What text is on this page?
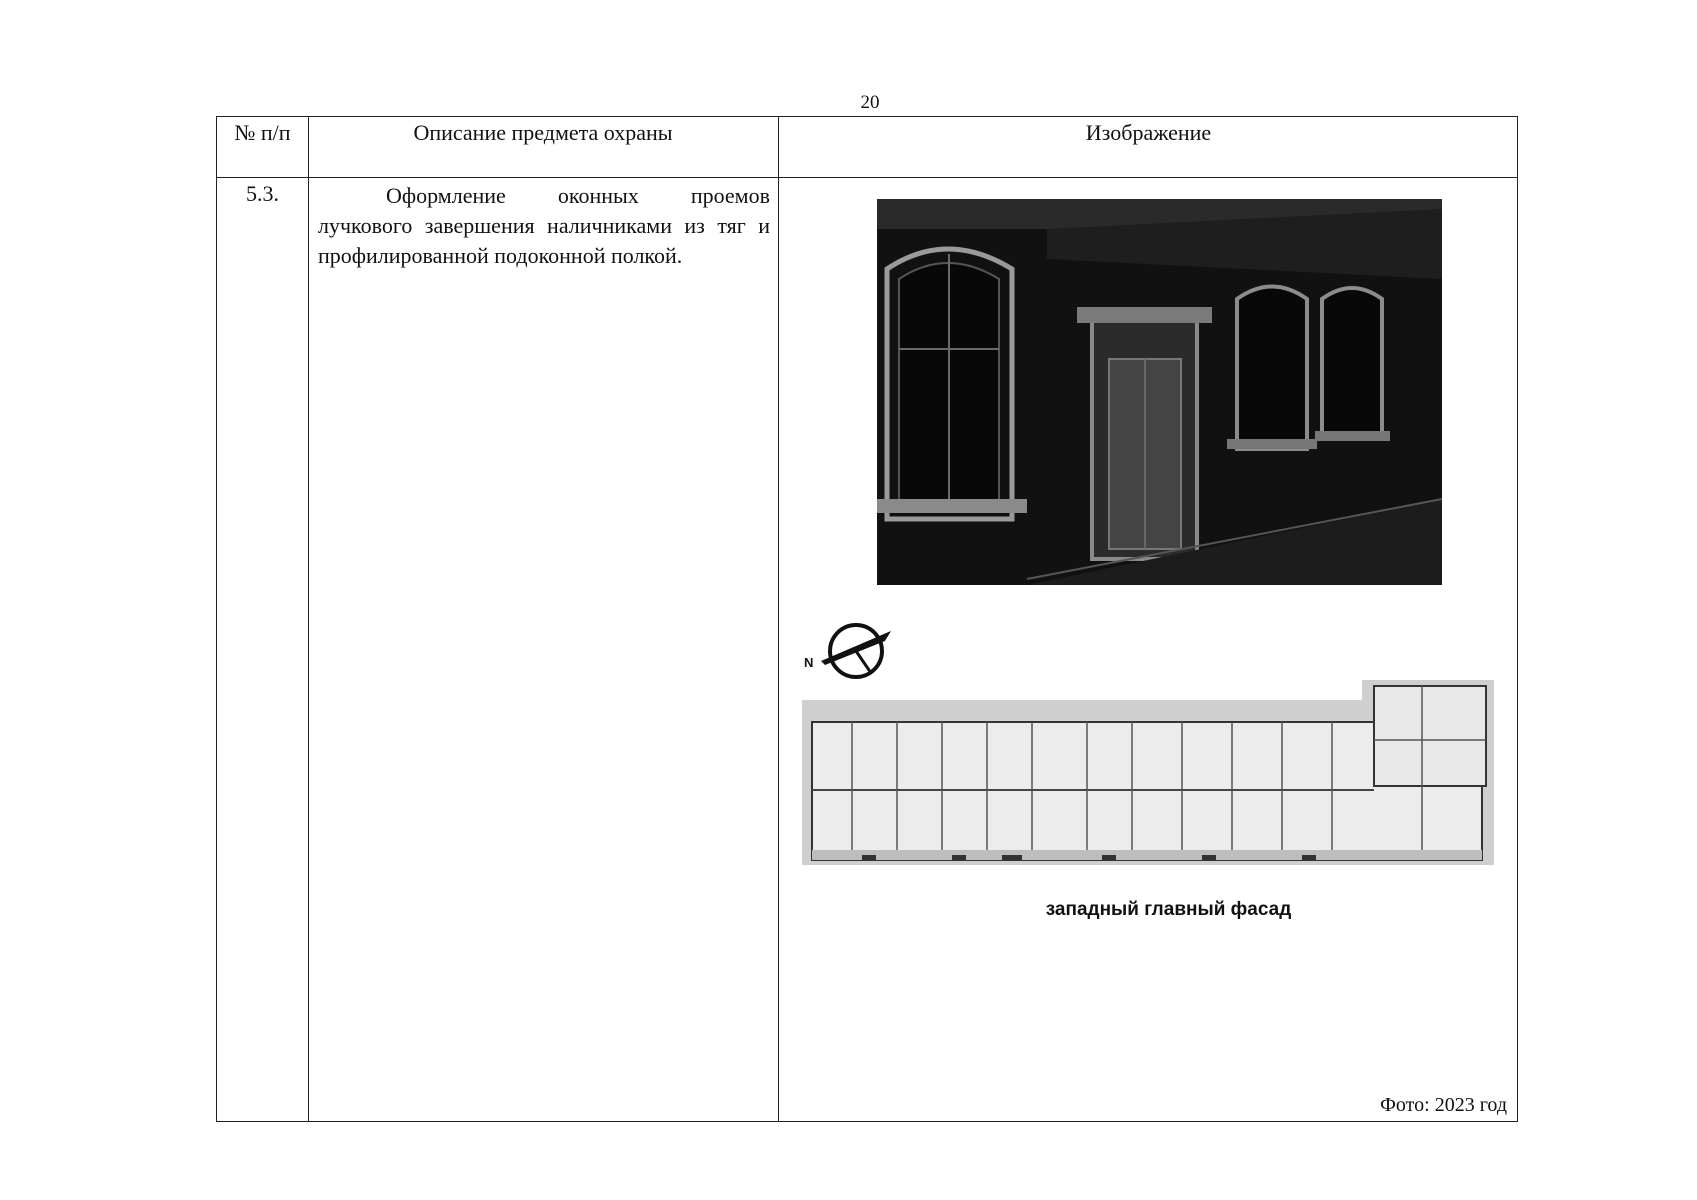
20
№ п/п	Описание предмета охраны	Изображение
5.3.	Оформление оконных проемов лучкового завершения наличниками из тяг и профилированной подоконной полкой.
N
западный главный фасад
Фото: 2023 год
